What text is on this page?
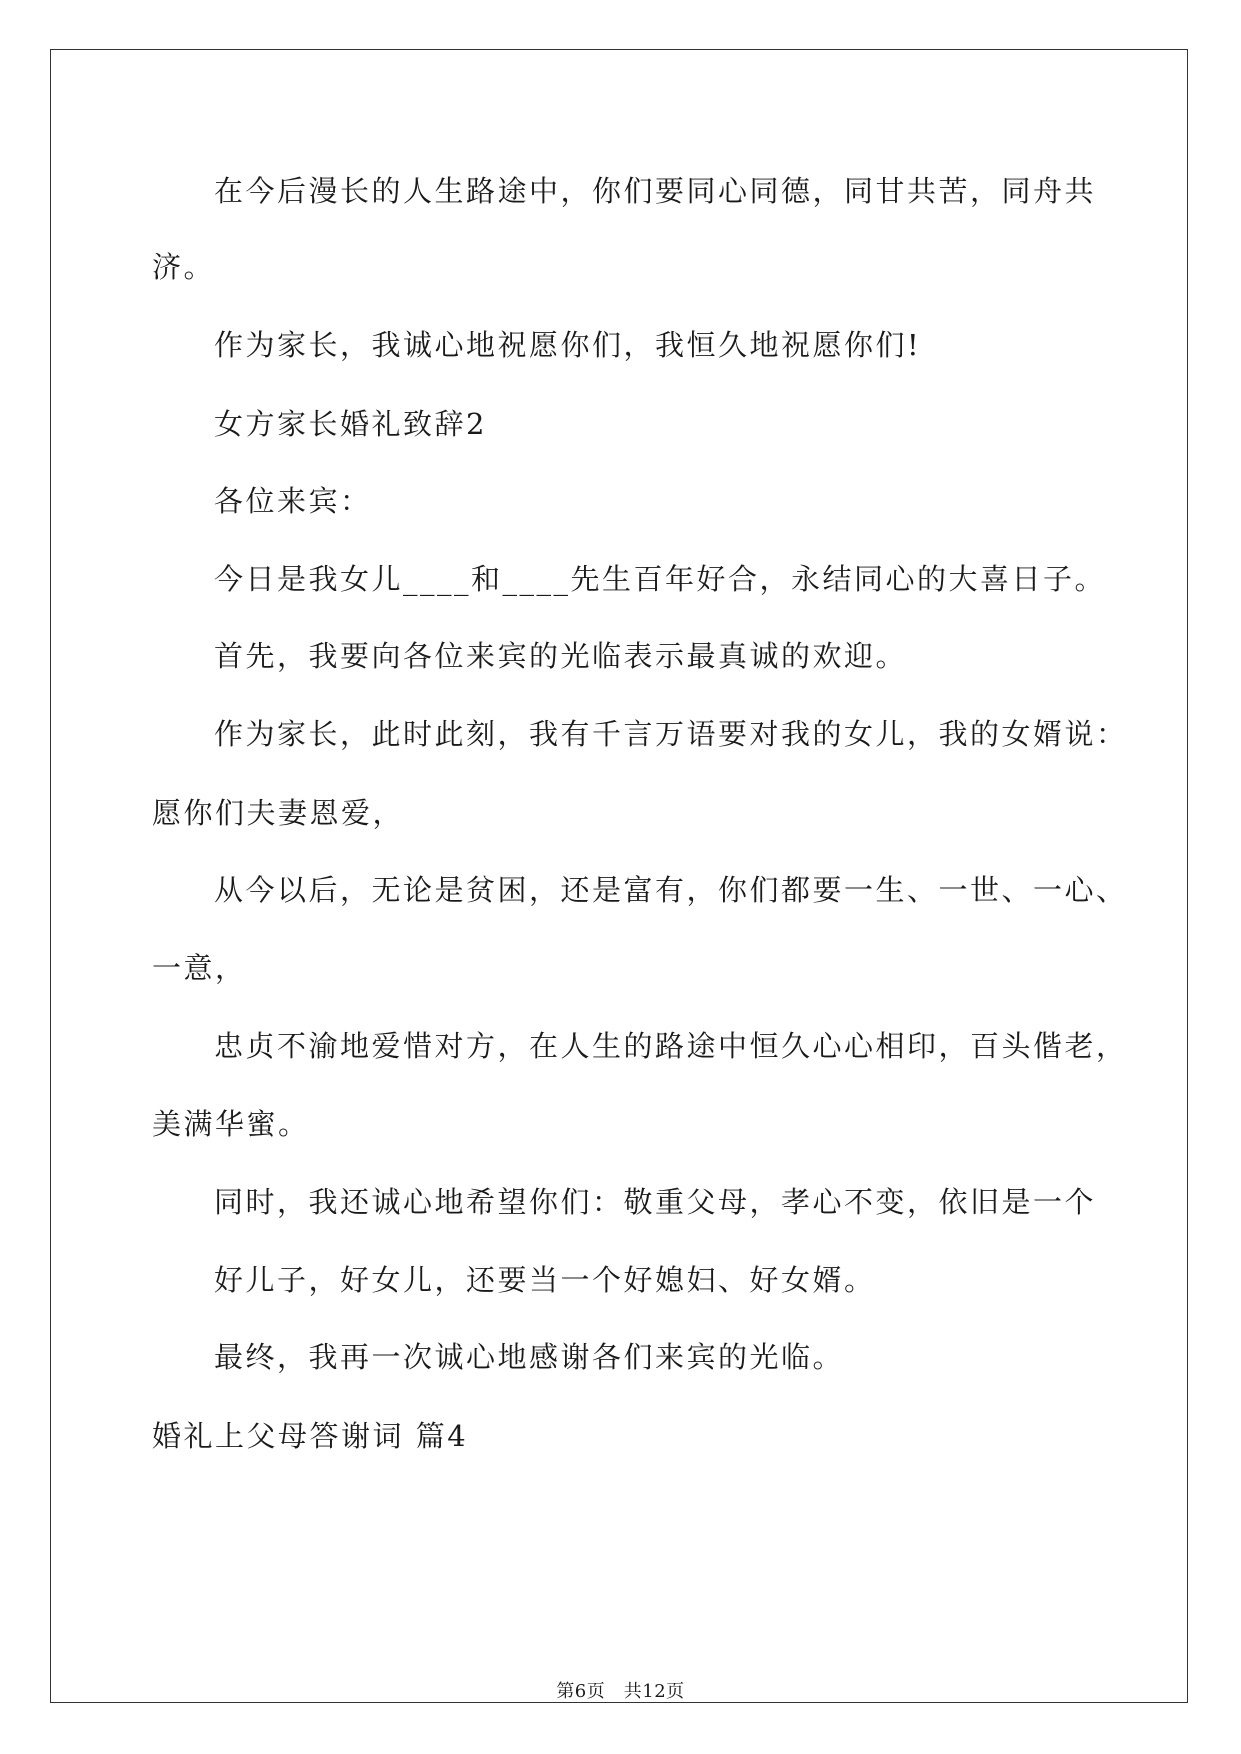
在今后漫长的人生路途中，你们要同心同德，同甘共苦，同舟共
济。
作为家长，我诚心地祝愿你们，我恒久地祝愿你们!
女方家长婚礼致辞2
各位来宾：
今日是我女儿____和____先生百年好合，永结同心的大喜日子。
首先，我要向各位来宾的光临表示最真诚的欢迎。
作为家长，此时此刻，我有千言万语要对我的女儿，我的女婿说：
愿你们夫妻恩爱，
从今以后，无论是贫困，还是富有，你们都要一生、一世、一心、
一意，
忠贞不渝地爱惜对方，在人生的路途中恒久心心相印，百头偕老，
美满华蜜。
同时，我还诚心地希望你们：敬重父母，孝心不变，依旧是一个
好儿子，好女儿，还要当一个好媳妇、好女婿。
最终，我再一次诚心地感谢各们来宾的光临。
婚礼上父母答谢词 篇4
第6页　共12页
